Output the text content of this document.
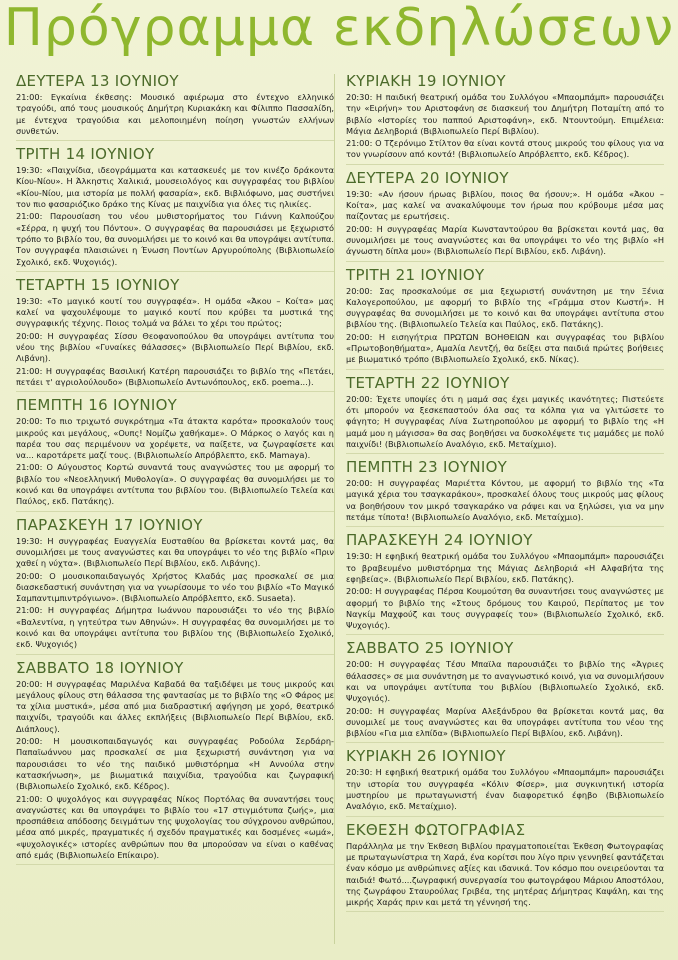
Πρόγραμμα εκδηλώσεων
ΔΕΥΤΕΡΑ 13 ΙΟΥΝΙΟΥ
21:00: Εγκαίνια έκθεσης: Μουσικό αφιέρωμα στο έντεχνο ελληνικό τραγούδι, από τους μουσικούς Δημήτρη Κυριακάκη και Φίλιππο Πασσαλίδη, με έντεχνα τραγούδια και μελοποιημένη ποίηση γνωστών ελλήνων συνθετών.
ΤΡΙΤΗ 14 ΙΟΥΝΙΟΥ
19:30: «Παιχνίδια, ιδεογράμματα και κατασκευές με τον κινέζο δράκοντα Κίου-Νίου». Η Άλκηστις Χαλικιά, μουσειολόγος και συγγραφέας του βιβλίου «Κίου-Νίου, μια ιστορία με πολλή φασαρία», εκδ. Βιβλιόφωνο, μας συστήνει τον πιο φασαριόζικο δράκο της Κίνας με παιχνίδια για όλες τις ηλικίες.
21:00: Παρουσίαση του νέου μυθιστορήματος του Γιάννη Καλπούζου «Σέρρα, η ψυχή του Πόντου». Ο συγγραφέας θα παρουσιάσει με ξεχωριστό τρόπο το βιβλίο του, θα συνομιλήσει με το κοινό και θα υπογράψει αντίτυπα. Τον συγγραφέα πλαισιώνει η Ένωση Ποντίων Αργυρούπολης (Βιβλιοπωλείο Σχολικό, εκδ. Ψυχογιός).
ΤΕΤΑΡΤΗ 15 ΙΟΥΝΙΟΥ
19:30: «Το μαγικό κουτί του συγγραφέα». Η ομάδα «Άκου – Κοίτα» μας καλεί να ψαχουλέψουμε το μαγικό κουτί που κρύβει τα μυστικά της συγγραφικής τέχνης. Ποιος τολμά να βάλει το χέρι του πρώτος;
20:00: Η συγγραφέας Σίσσυ Θεοφανοπούλου θα υπογράψει αντίτυπα του νέου της βιβλίου «Γυναίκες θάλασσες» (Βιβλιοπωλείο Περί Βιβλίου, εκδ. Λιβάνη).
21:00: Η συγγραφέας Βασιλική Κατέρη παρουσιάζει το βιβλίο της «Πετάει, πετάει τ' αγριολούλουδο» (Βιβλιοπωλείο Αντωνόπουλος, εκδ. poema...).
ΠΕΜΠΤΗ 16 ΙΟΥΝΙΟΥ
20:00: Το πιο τριχωτό συγκρότημα «Τα άτακτα καρότα» προσκαλούν τους μικρούς και μεγάλους, «Ουπς! Νομίζω χαθήκαμε». Ο Μάρκος ο λαγός και η παρέα του σας περιμένουν να χορέψετε, να παίξετε, να ζωγραφίσετε και να... καροτάρετε μαζί τους. (Βιβλιοπωλείο Απρόβλεπτο, εκδ. Mamaya).
21:00: Ο Αύγουστος Κορτώ συναντά τους αναγνώστες του με αφορμή το βιβλίο του «Νεοελληνική Μυθολογία». Ο συγγραφέας θα συνομιλήσει με το κοινό και θα υπογράψει αντίτυπα του βιβλίου του. (Βιβλιοπωλείο Τελεία και Παύλος, εκδ. Πατάκης).
ΠΑΡΑΣΚΕΥΗ 17 ΙΟΥΝΙΟΥ
19:30: Η συγγραφέας Ευαγγελία Ευσταθίου θα βρίσκεται κοντά μας, θα συνομιλήσει με τους αναγνώστες και θα υπογράψει το νέο της βιβλίο «Πριν χαθεί η νύχτα». (Βιβλιοπωλείο Περί Βιβλίου, εκδ. Λιβάνης).
20:00: Ο μουσικοπαιδαγωγός Χρήστος Κλαδάς μας προσκαλεί σε μια διασκεδαστική συνάντηση για να γνωρίσουμε το νέο του βιβλίο «Το Μαγικό Σαμπαντιμπιντρόγιωνο». (Βιβλιοπωλείο Απρόβλεπτο, εκδ. Susaeta).
21:00: Η συγγραφέας Δήμητρα Ιωάννου παρουσιάζει το νέο της βιβλίο «Βαλεντίνα, η γητεύτρα των Αθηνών». Η συγγραφέας θα συνομιλήσει με το κοινό και θα υπογράψει αντίτυπα του βιβλίου της (Βιβλιοπωλείο Σχολικό, εκδ. Ψυχογιός)
ΣΑΒΒΑΤΟ 18 ΙΟΥΝΙΟΥ
20:00: Η συγγραφέας Μαριλένα Καβαδά θα ταξιδέψει με τους μικρούς και μεγάλους φίλους στη θάλασσα της φαντασίας με το βιβλίο της «Ο Φάρος με τα χίλια μυστικά», μέσα από μια διαδραστική αφήγηση με χορό, θεατρικό παιχνίδι, τραγούδι και άλλες εκπλήξεις (Βιβλιοπωλείο Περί Βιβλίου, εκδ. Διάπλους).
20:00: Η μουσικοπαιδαγωγός και συγγραφέας Ροδούλα Σερδάρη-Παπαϊωάννου μας προσκαλεί σε μια ξεχωριστή συνάντηση για να παρουσιάσει το νέο της παιδικό μυθιστόρημα «Η Αννούλα στην κατασκήνωση», με βιωματικά παιχνίδια, τραγούδια και ζωγραφική (Βιβλιοπωλείο Σχολικό, εκδ. Κέδρος).
21:00: Ο ψυχολόγος και συγγραφέας Νίκος Πορτόλας θα συναντήσει τους αναγνώστες και θα υπογράψει το βιβλίο του «17 στιγμιότυπα ζωής», μια προσπάθεια απόδοσης δειγμάτων της ψυχολογίας του σύγχρονου ανθρώπου, μέσα από μικρές, πραγματικές ή σχεδόν πραγματικές και δοσμένες «ωμά», «ψυχολογικές» ιστορίες ανθρώπων που θα μπορούσαν να είναι ο καθένας από εμάς (Βιβλιοπωλείο Επίκαιρο).
ΚΥΡΙΑΚΗ 19 ΙΟΥΝΙΟΥ
20:30: Η παιδική θεατρική ομάδα του Συλλόγου «Μπαομπάμπ» παρουσιάζει την «Ειρήνη» του Αριστοφάνη σε διασκευή του Δημήτρη Ποταμίτη από το βιβλίο «Ιστορίες του παππού Αριστοφάνη», εκδ. Ντουντούμη. Επιμέλεια: Μάγια Δεληβοριά (Βιβλιοπωλείο Περί Βιβλίου).
21:00: Ο Τζερόνιμο Στίλτον θα είναι κοντά στους μικρούς του φίλους για να τον γνωρίσουν από κοντά! (Βιβλιοπωλείο Απρόβλεπτο, εκδ. Κέδρος).
ΔΕΥΤΕΡΑ 20 ΙΟΥΝΙΟΥ
19:30: «Αν ήσουν ήρωας βιβλίου, ποιος θα ήσουν;». Η ομάδα «Άκου – Κοίτα», μας καλεί να ανακαλύψουμε τον ήρωα που κρύβουμε μέσα μας παίζοντας με ερωτήσεις.
20:00: Η συγγραφέας Μαρία Κωνσταντούρου θα βρίσκεται κοντά μας, θα συνομιλήσει με τους αναγνώστες και θα υπογράψει το νέο της βιβλίο «Η άγνωστη δίπλα μου» (Βιβλιοπωλείο Περί Βιβλίου, εκδ. Λιβάνη).
ΤΡΙΤΗ 21 ΙΟΥΝΙΟΥ
20:00: Σας προσκαλούμε σε μια ξεχωριστή συνάντηση με την Ξένια Καλογεροπούλου, με αφορμή το βιβλίο της «Γράμμα στον Κωστή». Η συγγραφέας θα συνομιλήσει με το κοινό και θα υπογράψει αντίτυπα στου βιβλίου της. (Βιβλιοπωλείο Τελεία και Παύλος, εκδ. Πατάκης).
20:00: Η εισηγήτρια ΠΡΩΤΩΝ ΒΟΗΘΕΙΩΝ και συγγραφέας του βιβλίου «Πρωτοβοηθήματα», Αμαλία Λεντζή, θα δείξει στα παιδιά πρώτες βοήθειες με βιωματικό τρόπο (Βιβλιοπωλείο Σχολικό, εκδ. Νίκας).
ΤΕΤΑΡΤΗ 22 ΙΟΥΝΙΟΥ
20:00: Έχετε υποψίες ότι η μαμά σας έχει μαγικές ικανότητες; Πιστεύετε ότι μπορούν να ξεσκεπαστούν όλα σας τα κόλπα για να γλιτώσετε το φάγητο; Η συγγραφέας Λίνα Σωτηροπούλου με αφορμή το βιβλίο της «Η μαμά μου η μάγισσα» θα σας βοηθήσει να δυσκολέψετε τις μαμάδες με πολύ παιχνίδι! (Βιβλιοπωλείο Αναλόγιο, εκδ. Μεταίχμιο).
ΠΕΜΠΤΗ 23 ΙΟΥΝΙΟΥ
20:00: Η συγγραφέας Μαριέττα Κόντου, με αφορμή το βιβλίο της «Τα μαγικά χέρια του τσαγκαράκου», προσκαλεί όλους τους μικρούς μας φίλους να βοηθήσουν τον μικρό τσαγκαράκο να ράψει και να ξηλώσει, για να μην πετάμε τίποτα! (Βιβλιοπωλείο Αναλόγιο, εκδ. Μεταίχμιο).
ΠΑΡΑΣΚΕΥΗ 24 ΙΟΥΝΙΟΥ
19:30: Η εφηβική θεατρική ομάδα του Συλλόγου «Μπαομπάμπ» παρουσιάζει το βραβευμένο μυθιστόρημα της Μάγιας Δεληβοριά «Η Αλφαβήτα της εφηβείας». (Βιβλιοπωλείο Περί Βιβλίου, εκδ. Πατάκης).
20:00: Η συγγραφέας Πέρσα Κουμούτση θα συναντήσει τους αναγνώστες με αφορμή το βιβλίο της «Στους δρόμους του Καιρού, Περίπατος με τον Ναγκίμ Μαχφούζ και τους συγγραφείς του» (Βιβλιοπωλείο Σχολικό, εκδ. Ψυχογιός).
ΣΑΒΒΑΤΟ 25 ΙΟΥΝΙΟΥ
20:00: Η συγγραφέας Τέσυ Μπαϊλα παρουσιάζει το βιβλίο της «Άγριες θάλασσες» σε μια συνάντηση με το αναγνωστικό κοινό, για να συνομιλήσουν και να υπογράψει αντίτυπα του βιβλίου (Βιβλιοπωλείο Σχολικό, εκδ. Ψυχογιός).
20:00: Η συγγραφέας Μαρίνα Αλεξάνδρου θα βρίσκεται κοντά μας, θα συνομιλεί με τους αναγνώστες και θα υπογράφει αντίτυπα του νέου της βιβλίου «Για μια ελπίδα» (Βιβλιοπωλείο Περί Βιβλίου, εκδ. Λιβάνη).
ΚΥΡΙΑΚΗ 26 ΙΟΥΝΙΟΥ
20:30: Η εφηβική θεατρική ομάδα του Συλλόγου «Μπαομπάμπ» παρουσιάζει την ιστορία του συγγραφέα «Κόλιν Φίσερ», μια συγκινητική ιστορία μυστηρίου με πρωταγωνιστή έναν διαφορετικό έφηβο (Βιβλιοπωλείο Αναλόγιο, εκδ. Μεταίχμιο).
ΕΚΘΕΣΗ ΦΩΤΟΓΡΑΦΙΑΣ
Παράλληλα με την Έκθεση Βιβλίου πραγματοποιείται Έκθεση Φωτογραφίας με πρωταγωνίστρια τη Χαρά, ένα κορίτσι που λίγο πριν γεννηθεί φαντάζεται έναν κόσμο με ανθρώπινες αξίες και ιδανικά. Τον κόσμο που ονειρεύονται τα παιδιά! Φωτό....ζωγραφική συνεργασία του φωτογράφου Μάριου Αποστόλου, της ζωγράφου Σταυρούλας Γριβέα, της μητέρας Δήμητρας Καψάλη, και της μικρής Χαράς πριν και μετά τη γέννησή της.
